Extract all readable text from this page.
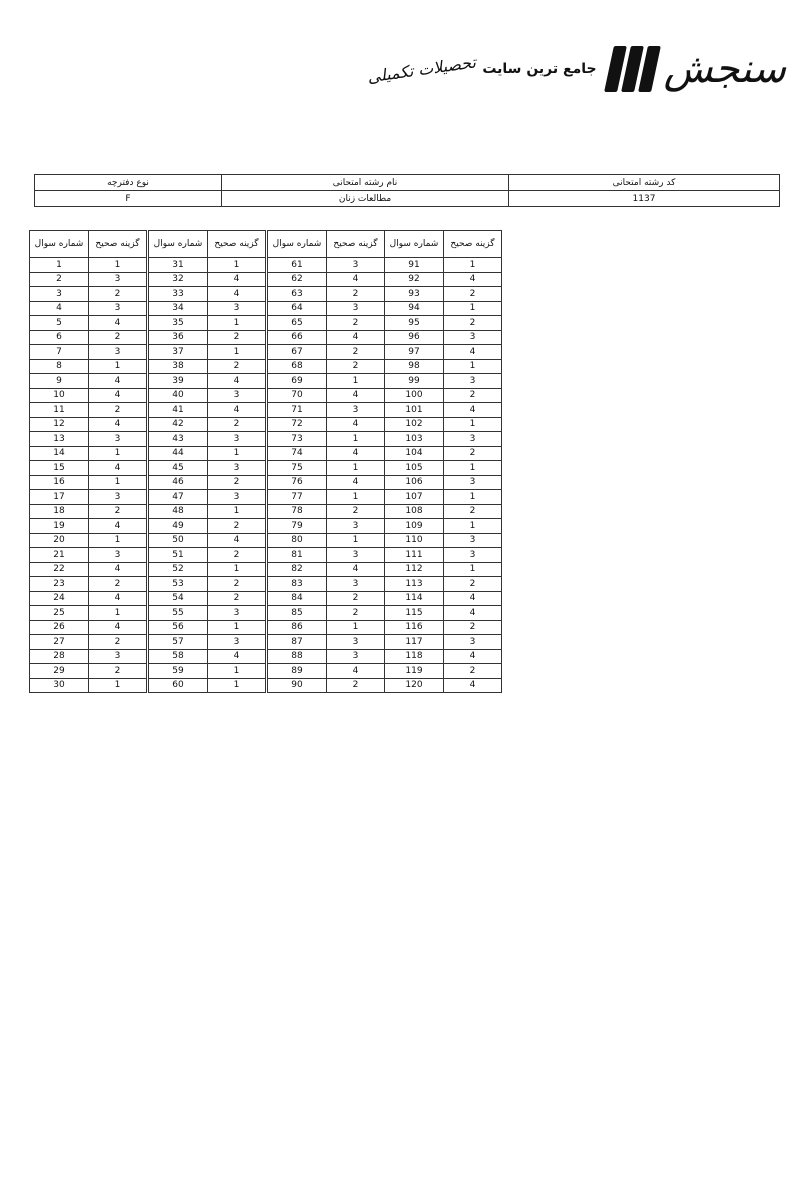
تحصیلات تکمیلی جامع ترین سایت سنجش
کد رشته امتحانی	نام رشته امتحانی	نوع دفترچه
1137	مطالعات زنان	F
شماره سوال	گزینه صحیح
1	1
2	3
3	2
4	3
5	4
6	2
7	3
8	1
9	4
10	4
11	2
12	4
13	3
14	1
15	4
16	1
17	3
18	2
19	4
20	1
21	3
22	4
23	2
24	4
25	1
26	4
27	2
28	3
29	2
30	1
شماره سوال	گزینه صحیح
31	1
32	4
33	4
34	3
35	1
36	2
37	1
38	2
39	4
40	3
41	4
42	2
43	3
44	1
45	3
46	2
47	3
48	1
49	2
50	4
51	2
52	1
53	2
54	2
55	3
56	1
57	3
58	4
59	1
60	1
شماره سوال	گزینه صحیح
61	3
62	4
63	2
64	3
65	2
66	4
67	2
68	2
69	1
70	4
71	3
72	4
73	1
74	4
75	1
76	4
77	1
78	2
79	3
80	1
81	3
82	4
83	3
84	2
85	2
86	1
87	3
88	3
89	4
90	2
شماره سوال	گزینه صحیح
91	1
92	4
93	2
94	1
95	2
96	3
97	4
98	1
99	3
100	2
101	4
102	1
103	3
104	2
105	1
106	3
107	1
108	2
109	1
110	3
111	3
112	1
113	2
114	4
115	4
116	2
117	3
118	4
119	2
120	4
